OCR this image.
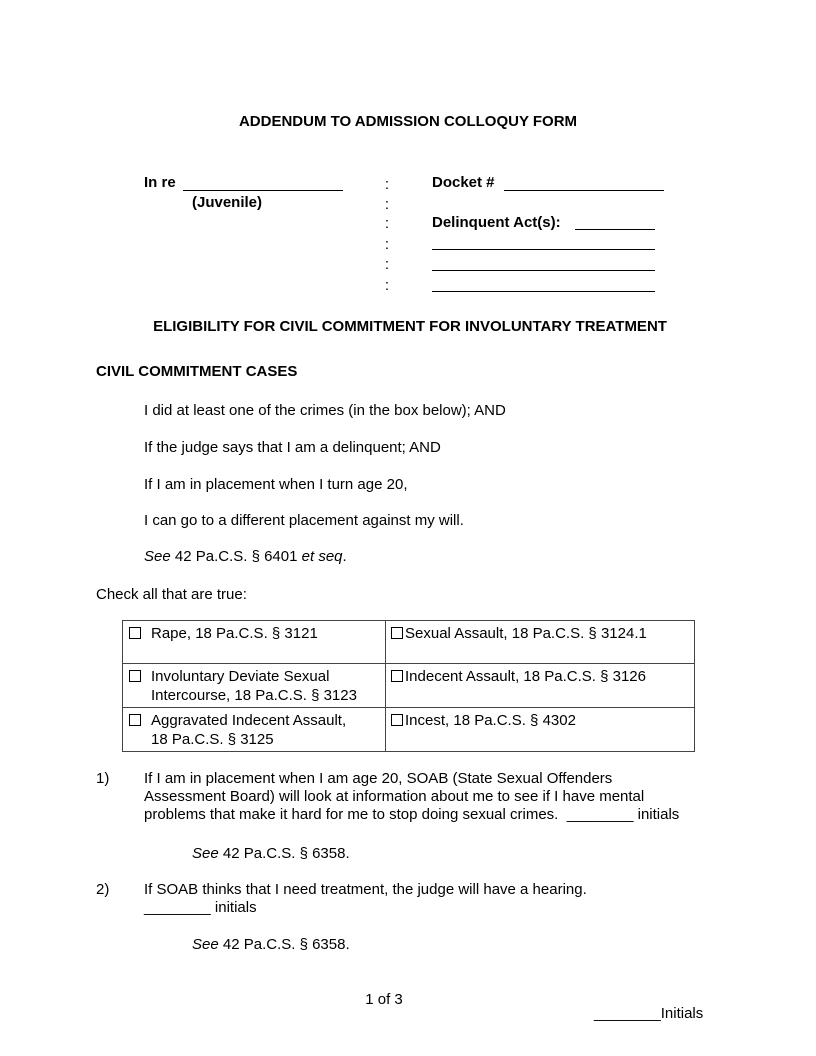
ADDENDUM TO ADMISSION COLLOQUY FORM
In re
(Juvenile)
:
:
:
:
:
:
Docket #
Delinquent Act(s):
ELIGIBILITY FOR CIVIL COMMITMENT FOR INVOLUNTARY TREATMENT
CIVIL COMMITMENT CASES
I did at least one of the crimes (in the box below); AND
If the judge says that I am a delinquent; AND
If I am in placement when I turn age 20,
I can go to a different placement against my will.
See 42 Pa.C.S. § 6401 et seq.
Check all that are true:
Rape, 18 Pa.C.S. § 3121	Sexual Assault, 18 Pa.C.S. § 3124.1

Involuntary Deviate Sexual
Intercourse, 18 Pa.C.S. § 3123	Indecent Assault, 18 Pa.C.S. § 3126

Aggravated Indecent Assault,
18 Pa.C.S. § 3125	Incest, 18 Pa.C.S. § 4302
1) If I am in placement when I am age 20, SOAB (State Sexual Offenders
Assessment Board) will look at information about me to see if I have mental
problems that make it hard for me to stop doing sexual crimes. ________ initials
See 42 Pa.C.S. § 6358.
2) If SOAB thinks that I need treatment, the judge will have a hearing.
________ initials
See 42 Pa.C.S. § 6358.
1 of 3
________Initials
